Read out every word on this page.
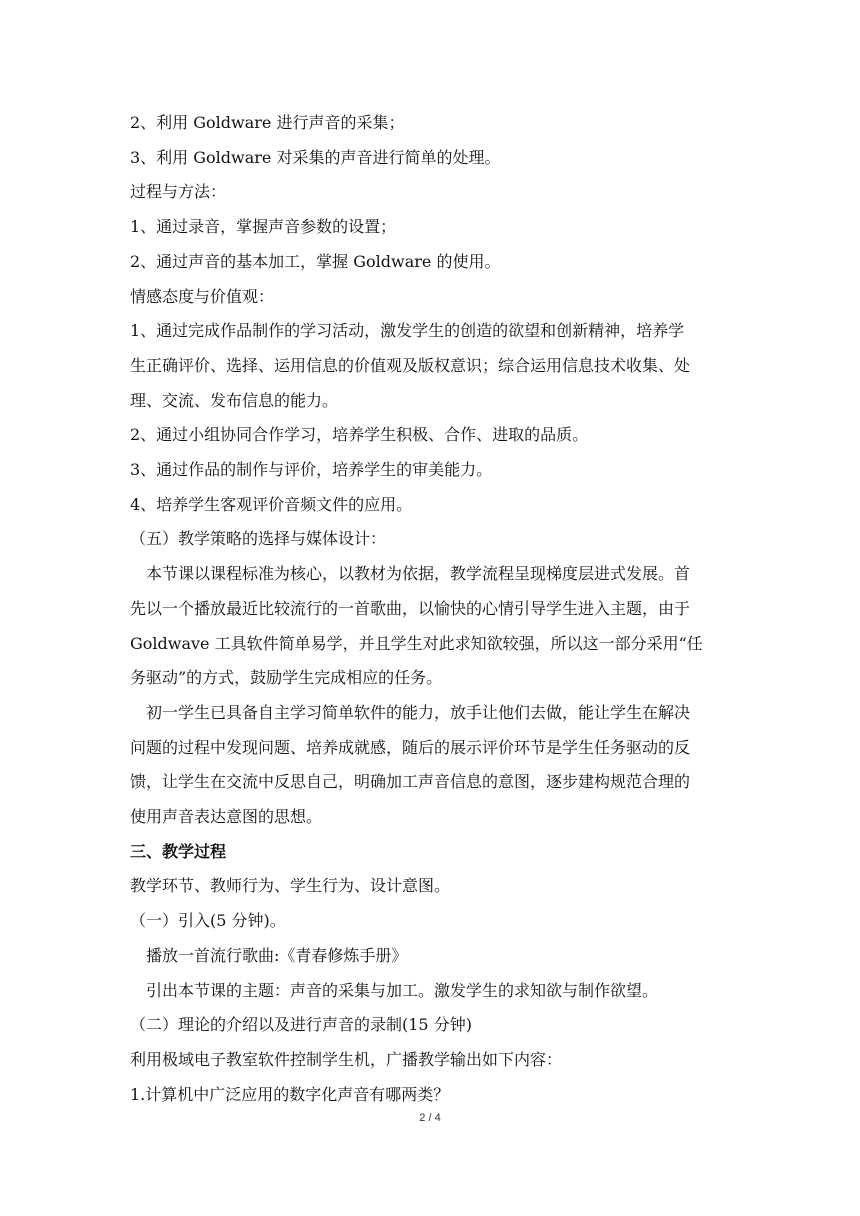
2、利用 Goldware 进行声音的采集；

3、利用 Goldware 对采集的声音进行简单的处理。

过程与方法：

1、通过录音，掌握声音参数的设置；

2、通过声音的基本加工，掌握 Goldware 的使用。

情感态度与价值观：

1、通过完成作品制作的学习活动，激发学生的创造的欲望和创新精神，培养学
生正确评价、选择、运用信息的价值观及版权意识；综合运用信息技术收集、处
理、交流、发布信息的能力。

2、通过小组协同合作学习，培养学生积极、合作、进取的品质。

3、通过作品的制作与评价，培养学生的审美能力。

4、培养学生客观评价音频文件的应用。

（五）教学策略的选择与媒体设计：

本节课以课程标准为核心，以教材为依据，教学流程呈现梯度层进式发展。首
先以一个播放最近比较流行的一首歌曲，以愉快的心情引导学生进入主题，由于
Goldwave 工具软件简单易学，并且学生对此求知欲较强，所以这一部分采用“任
务驱动”的方式，鼓励学生完成相应的任务。

初一学生已具备自主学习简单软件的能力，放手让他们去做，能让学生在解决
问题的过程中发现问题、培养成就感，随后的展示评价环节是学生任务驱动的反
馈，让学生在交流中反思自己，明确加工声音信息的意图，逐步建构规范合理的
使用声音表达意图的思想。

三、教学过程

教学环节、教师行为、学生行为、设计意图。

（一）引入(5 分钟)。

播放一首流行歌曲:《青春修炼手册》

引出本节课的主题：声音的采集与加工。激发学生的求知欲与制作欲望。

（二）理论的介绍以及进行声音的录制(15 分钟)

利用极域电子教室软件控制学生机，广播教学输出如下内容：

1.计算机中广泛应用的数字化声音有哪两类？

2 / 4
